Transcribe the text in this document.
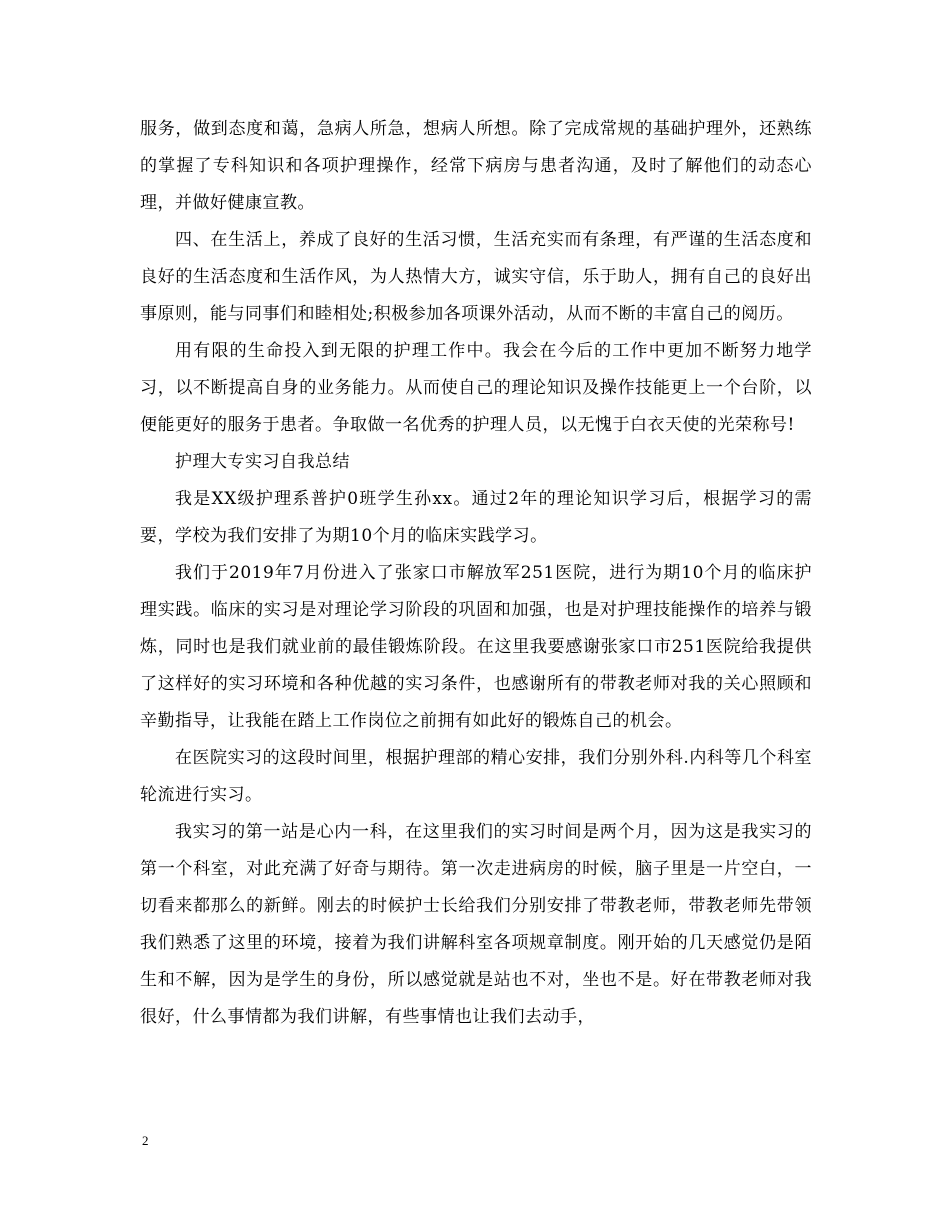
服务，做到态度和蔼，急病人所急，想病人所想。除了完成常规的基础护理外，还熟练的掌握了专科知识和各项护理操作，经常下病房与患者沟通，及时了解他们的动态心理，并做好健康宣教。

四、在生活上，养成了良好的生活习惯，生活充实而有条理，有严谨的生活态度和良好的生活态度和生活作风，为人热情大方，诚实守信，乐于助人，拥有自己的良好出事原则，能与同事们和睦相处;积极参加各项课外活动，从而不断的丰富自己的阅历。

用有限的生命投入到无限的护理工作中。我会在今后的工作中更加不断努力地学习，以不断提高自身的业务能力。从而使自己的理论知识及操作技能更上一个台阶，以便能更好的服务于患者。争取做一名优秀的护理人员，以无愧于白衣天使的光荣称号!

护理大专实习自我总结

我是XX级护理系普护0班学生孙xx。通过2年的理论知识学习后，根据学习的需要，学校为我们安排了为期10个月的临床实践学习。

我们于2019年7月份进入了张家口市解放军251医院，进行为期10个月的临床护理实践。临床的实习是对理论学习阶段的巩固和加强，也是对护理技能操作的培养与锻炼，同时也是我们就业前的最佳锻炼阶段。在这里我要感谢张家口市251医院给我提供了这样好的实习环境和各种优越的实习条件，也感谢所有的带教老师对我的关心照顾和辛勤指导，让我能在踏上工作岗位之前拥有如此好的锻炼自己的机会。

在医院实习的这段时间里，根据护理部的精心安排，我们分别外科.内科等几个科室轮流进行实习。

我实习的第一站是心内一科，在这里我们的实习时间是两个月，因为这是我实习的第一个科室，对此充满了好奇与期待。第一次走进病房的时候，脑子里是一片空白，一切看来都那么的新鲜。刚去的时候护士长给我们分别安排了带教老师，带教老师先带领我们熟悉了这里的环境，接着为我们讲解科室各项规章制度。刚开始的几天感觉仍是陌生和不解，因为是学生的身份，所以感觉就是站也不对，坐也不是。好在带教老师对我很好，什么事情都为我们讲解，有些事情也让我们去动手，

2
